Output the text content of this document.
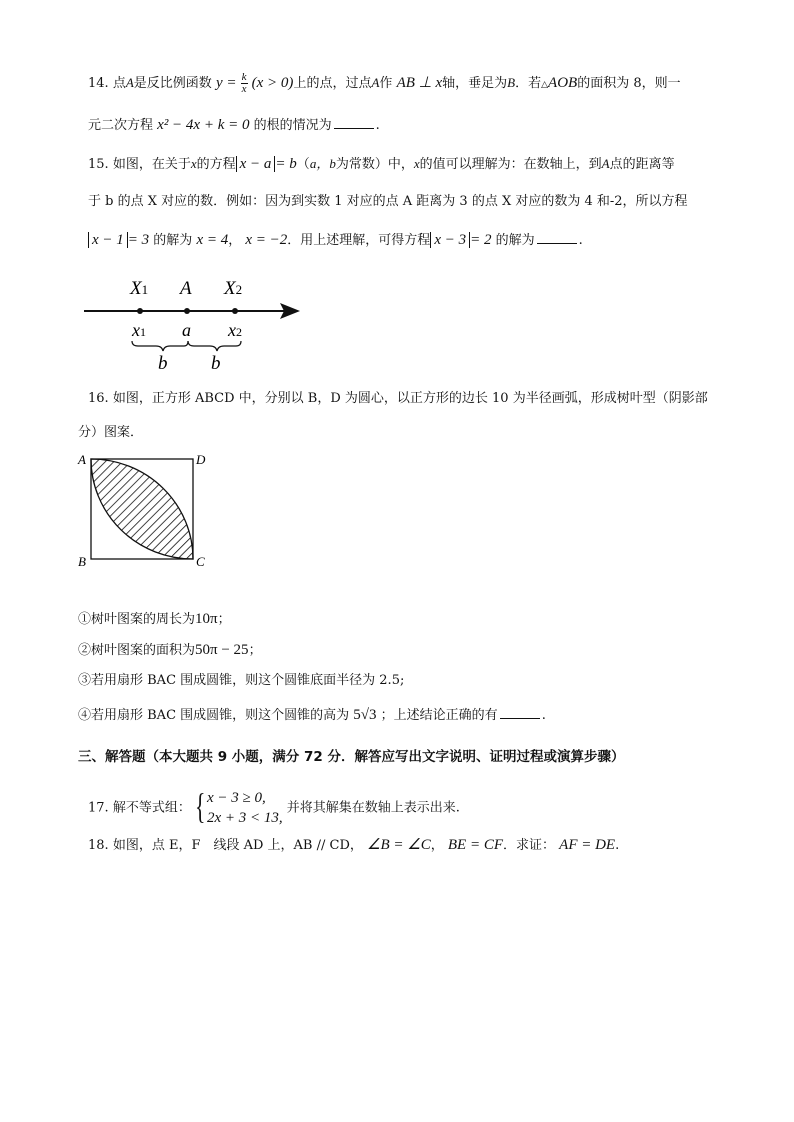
14. 点A是反比例函数 $y = \frac{k}{x} (x > 0)$上的点，过点A作 AB ⊥ x轴，垂足为B．若△AOB的面积为 8，则一
元二次方程 x² − 4x + k = 0 的根的情况为	.
15. 如图，在关于x的方程 x − a = b（a，b为常数）中，x的值可以理解为：在数轴上，到A点的距离等
于 b 的点 X 对应的数．例如：因为到实数 1 对应的点 A 距离为 3 的点 X 对应的数为 4 和-2，所以方程
x − 1 = 3 的解为 x = 4， x = −2．用上述理解，可得方程 x − 3 = 2 的解为	.
X1 A X2
x1 a x2
b b
16. 如图，正方形 ABCD 中，分别以 B，D 为圆心，以正方形的边长 10 为半径画弧，形成树叶型（阴影部
分）图案．
A	D
B	C
①树叶图案的周长为10π；
②树叶图案的面积为50π − 25；
③若用扇形 BAC 围成圆锥，则这个圆锥底面半径为 2.5;
④若用扇形 BAC 围成圆锥，则这个圆锥的高为 5√3 ；上述结论正确的有	.
三、解答题（本大题共 9 小题，满分 72 分．解答应写出文字说明、证明过程或演算步骤）
17. 解不等式组： { x − 3 ≥ 0,
2x + 3 < 13,
并将其解集在数轴上表示出来.
18. 如图，点 E，F　线段 AD 上，AB // CD， ∠B = ∠C， BE = CF．求证： AF = DE.
